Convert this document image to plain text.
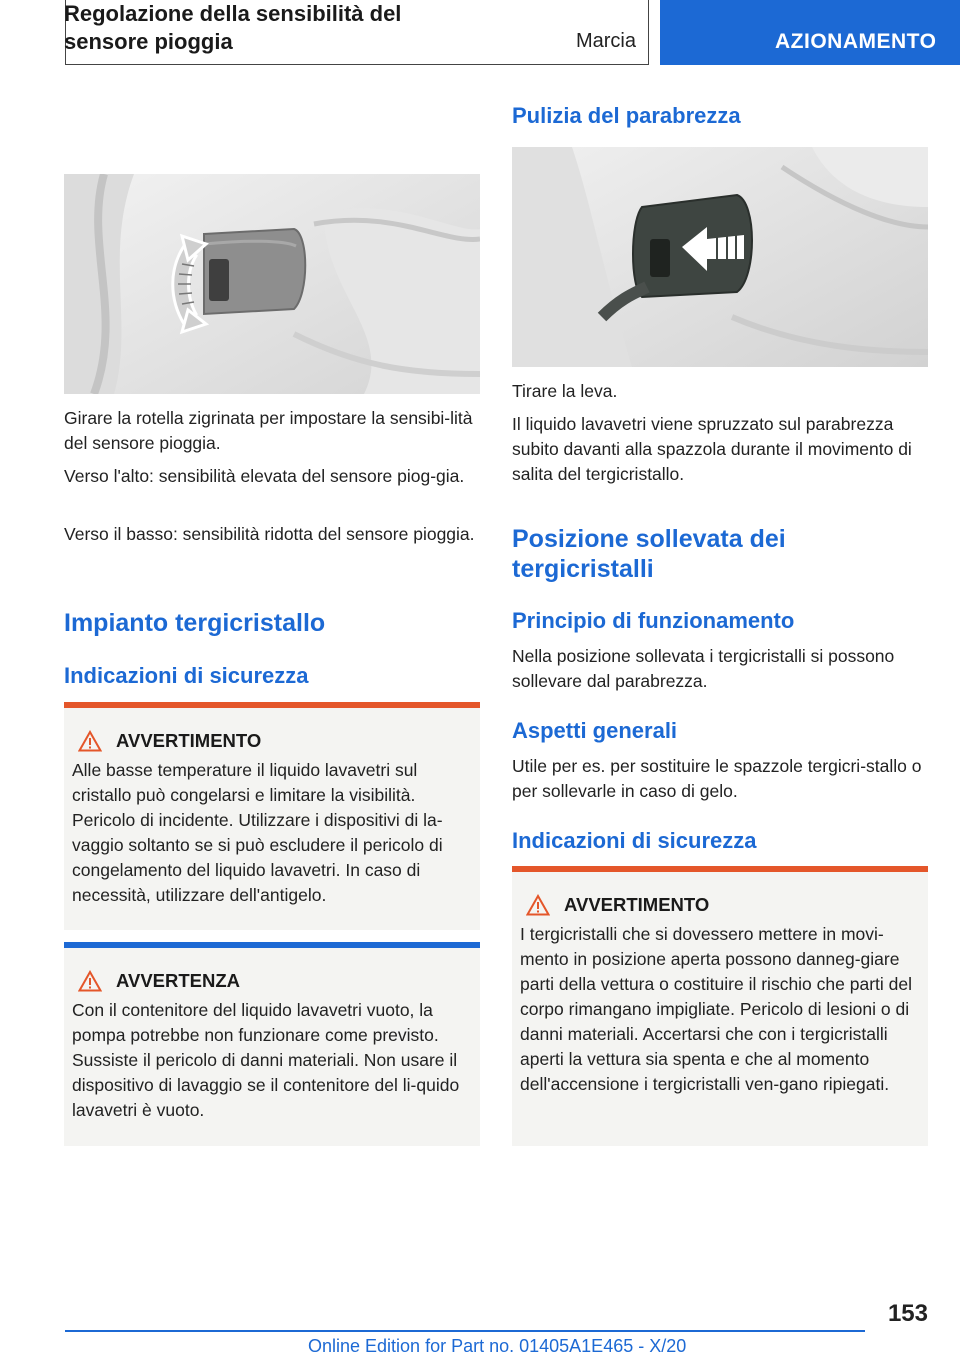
Marcia	AZIONAMENTO
Regolazione della sensibilità del sensore pioggia

Girare la rotella zigrinata per impostare la sensibi-lità del sensore pioggia.

Verso l'alto: sensibilità elevata del sensore piog-gia.

Verso il basso: sensibilità ridotta del sensore pioggia.

Impianto tergicristallo
Indicazioni di sicurezza
AVVERTIMENTO
Alle basse temperature il liquido lavavetri sul cristallo può congelarsi e limitare la visibilità. Pericolo di incidente. Utilizzare i dispositivi di la-vaggio soltanto se si può escludere il pericolo di congelamento del liquido lavavetri. In caso di necessità, utilizzare dell'antigelo.
AVVERTENZA
Con il contenitore del liquido lavavetri vuoto, la pompa potrebbe non funzionare come previsto. Sussiste il pericolo di danni materiali. Non usare il dispositivo di lavaggio se il contenitore del li-quido lavavetri è vuoto.
Pulizia del parabrezza

Tirare la leva.

Il liquido lavavetri viene spruzzato sul parabrezza subito davanti alla spazzola durante il movimento di salita del tergicristallo.

Posizione sollevata dei tergicristalli
Principio di funzionamento

Nella posizione sollevata i tergicristalli si possono sollevare dal parabrezza.

Aspetti generali

Utile per es. per sostituire le spazzole tergicri-stallo o per sollevarle in caso di gelo.

Indicazioni di sicurezza
AVVERTIMENTO
I tergicristalli che si dovessero mettere in movi-mento in posizione aperta possono danneg-giare parti della vettura o costituire il rischio che parti del corpo rimangano impigliate. Pericolo di lesioni o di danni materiali. Accertarsi che con i tergicristalli aperti la vettura sia spenta e che al momento dell'accensione i tergicristalli ven-gano ripiegati.
153
Online Edition for Part no. 01405A1E465 - X/20
